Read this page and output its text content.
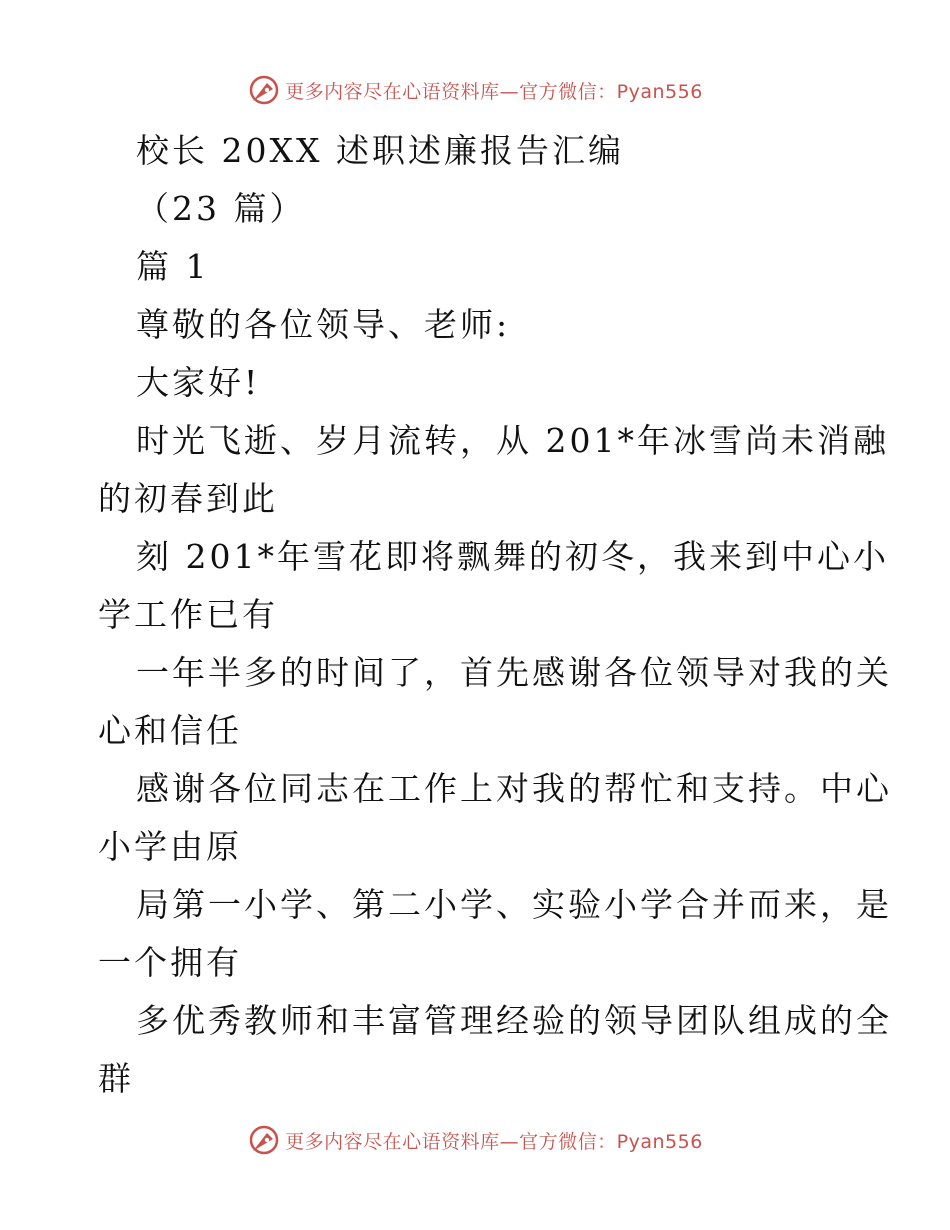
更多内容尽在心语资料库—官方微信：Pyan556
校长 20XX 述职述廉报告汇编
（23 篇）
篇 1
尊敬的各位领导、老师:
大家好!
时光飞逝、岁月流转，从 201*年冰雪尚未消融
的初春到此
刻 201*年雪花即将飘舞的初冬，我来到中心小
学工作已有
一年半多的时间了，首先感谢各位领导对我的关
心和信任
感谢各位同志在工作上对我的帮忙和支持。中心
小学由原
局第一小学、第二小学、实验小学合并而来，是
一个拥有
多优秀教师和丰富管理经验的领导团队组成的全
群
更多内容尽在心语资料库—官方微信：Pyan556
